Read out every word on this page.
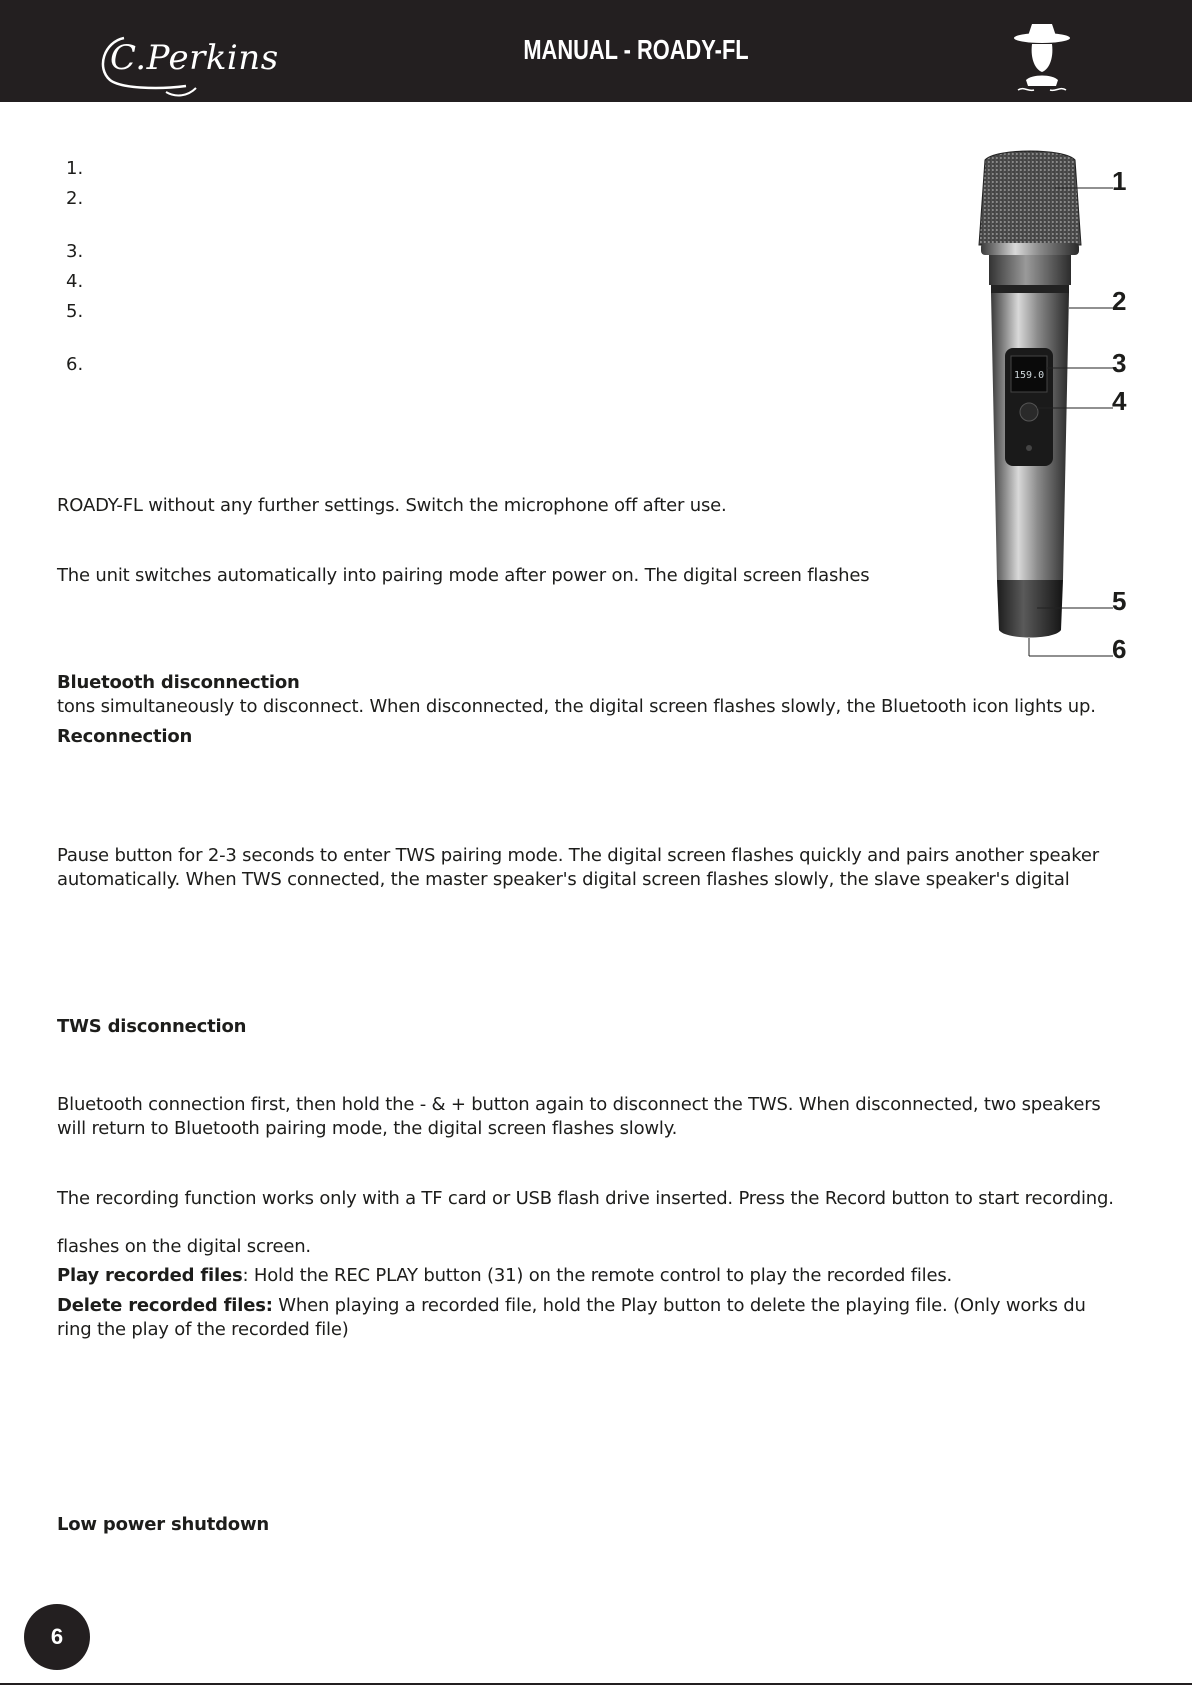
C.Perkins	MANUAL - ROADY-FL
1.
2.
3.
4.
5.
6.
ROADY-FL without any further settings. Switch the microphone off after use.
The unit switches automatically into pairing mode after power on. The digital screen flashes
Bluetooth disconnection
tons simultaneously to disconnect. When disconnected, the digital screen flashes slowly, the Bluetooth icon lights up.
Reconnection
Pause button for 2-3 seconds to enter TWS pairing mode. The digital screen flashes quickly and pairs another speaker
automatically. When TWS connected, the master speaker's digital screen flashes slowly, the slave speaker's digital
TWS disconnection
Bluetooth connection first, then hold the - & + button again to disconnect the TWS. When disconnected, two speakers
will return to Bluetooth pairing mode, the digital screen flashes slowly.
The recording function works only with a TF card or USB flash drive inserted. Press the Record button to start recording.
flashes on the digital screen.
Play recorded files: Hold the REC PLAY button (31) on the remote control to play the recorded files.
Delete recorded files: When playing a recorded file, hold the Play button to delete the playing file. (Only works du
ring the play of the recorded file)
Low power shutdown
159.0
1
2
3
4
5
6
6
